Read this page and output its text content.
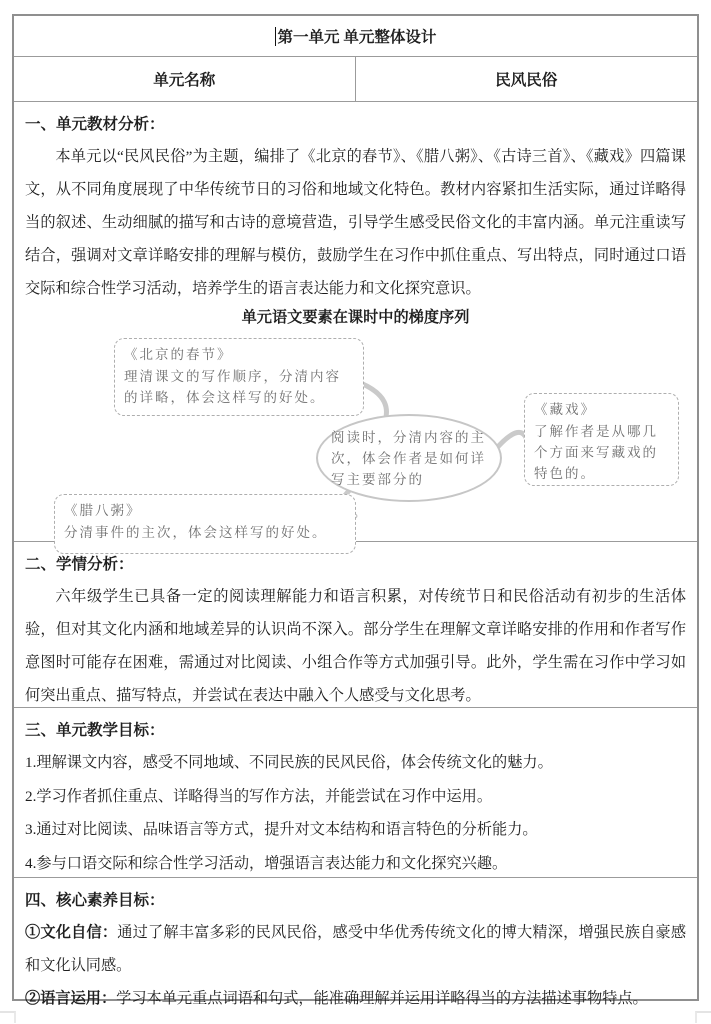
第一单元 单元整体设计
单元名称	民风民俗
一、单元教材分析：

本单元以“民风民俗”为主题，编排了《北京的春节》、《腊八粥》、《古诗三首》、《藏戏》四篇课文，从不同角度展现了中华传统节日的习俗和地域文化特色。教材内容紧扣生活实际，通过详略得当的叙述、生动细腻的描写和古诗的意境营造，引导学生感受民俗文化的丰富内涵。单元注重读写结合，强调对文章详略安排的理解与模仿，鼓励学生在习作中抓住重点、写出特点，同时通过口语交际和综合性学习活动，培养学生的语言表达能力和文化探究意识。

单元语文要素在课时中的梯度序列
《北京的春节》
理清课文的写作顺序，分清内容的详略，体会这样写的好处。
阅读时，分清内容的主次，体会作者是如何详写主要部分的
《藏戏》
了解作者是从哪几个方面来写藏戏的特色的。
《腊八粥》
分清事件的主次，体会这样写的好处。
二、学情分析：

六年级学生已具备一定的阅读理解能力和语言积累，对传统节日和民俗活动有初步的生活体验，但对其文化内涵和地域差异的认识尚不深入。部分学生在理解文章详略安排的作用和作者写作意图时可能存在困难，需通过对比阅读、小组合作等方式加强引导。此外，学生需在习作中学习如何突出重点、描写特点，并尝试在表达中融入个人感受与文化思考。

三、单元教学目标：
1.理解课文内容，感受不同地域、不同民族的民风民俗，体会传统文化的魅力。
2.学习作者抓住重点、详略得当的写作方法，并能尝试在习作中运用。
3.通过对比阅读、品味语言等方式，提升对文本结构和语言特色的分析能力。
4.参与口语交际和综合性学习活动，增强语言表达能力和文化探究兴趣。
四、核心素养目标：

①文化自信：通过了解丰富多彩的民风民俗，感受中华优秀传统文化的博大精深，增强民族自豪感和文化认同感。

②语言运用：学习本单元重点词语和句式，能准确理解并运用详略得当的方法描述事物特点。
